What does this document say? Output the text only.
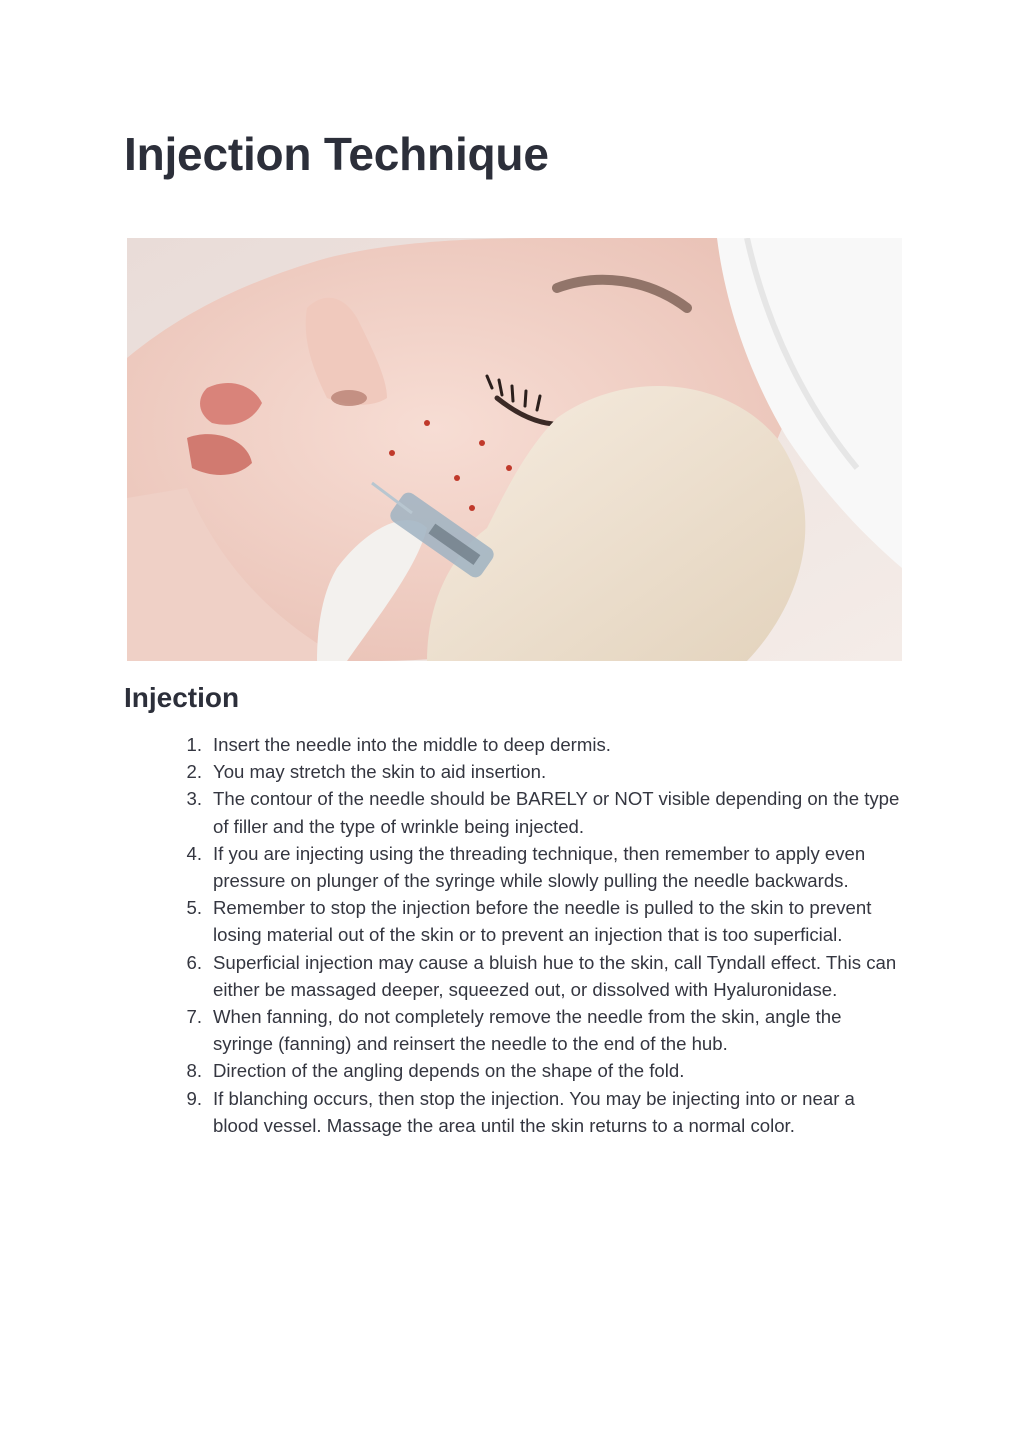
Injection Technique
Injection
1. Insert the needle into the middle to deep dermis.
2. You may stretch the skin to aid insertion.
3. The contour of the needle should be BARELY or NOT visible depending on the type of filler and the type of wrinkle being injected.
4. If you are injecting using the threading technique, then remember to apply even pressure on plunger of the syringe while slowly pulling the needle backwards.
5. Remember to stop the injection before the needle is pulled to the skin to prevent losing material out of the skin or to prevent an injection that is too superficial.
6. Superficial injection may cause a bluish hue to the skin, call Tyndall effect. This can either be massaged deeper, squeezed out, or dissolved with Hyaluronidase.
7. When fanning, do not completely remove the needle from the skin, angle the syringe (fanning) and reinsert the needle to the end of the hub.
8. Direction of the angling depends on the shape of the fold.
9. If blanching occurs, then stop the injection. You may be injecting into or near a blood vessel. Massage the area until the skin returns to a normal color.
